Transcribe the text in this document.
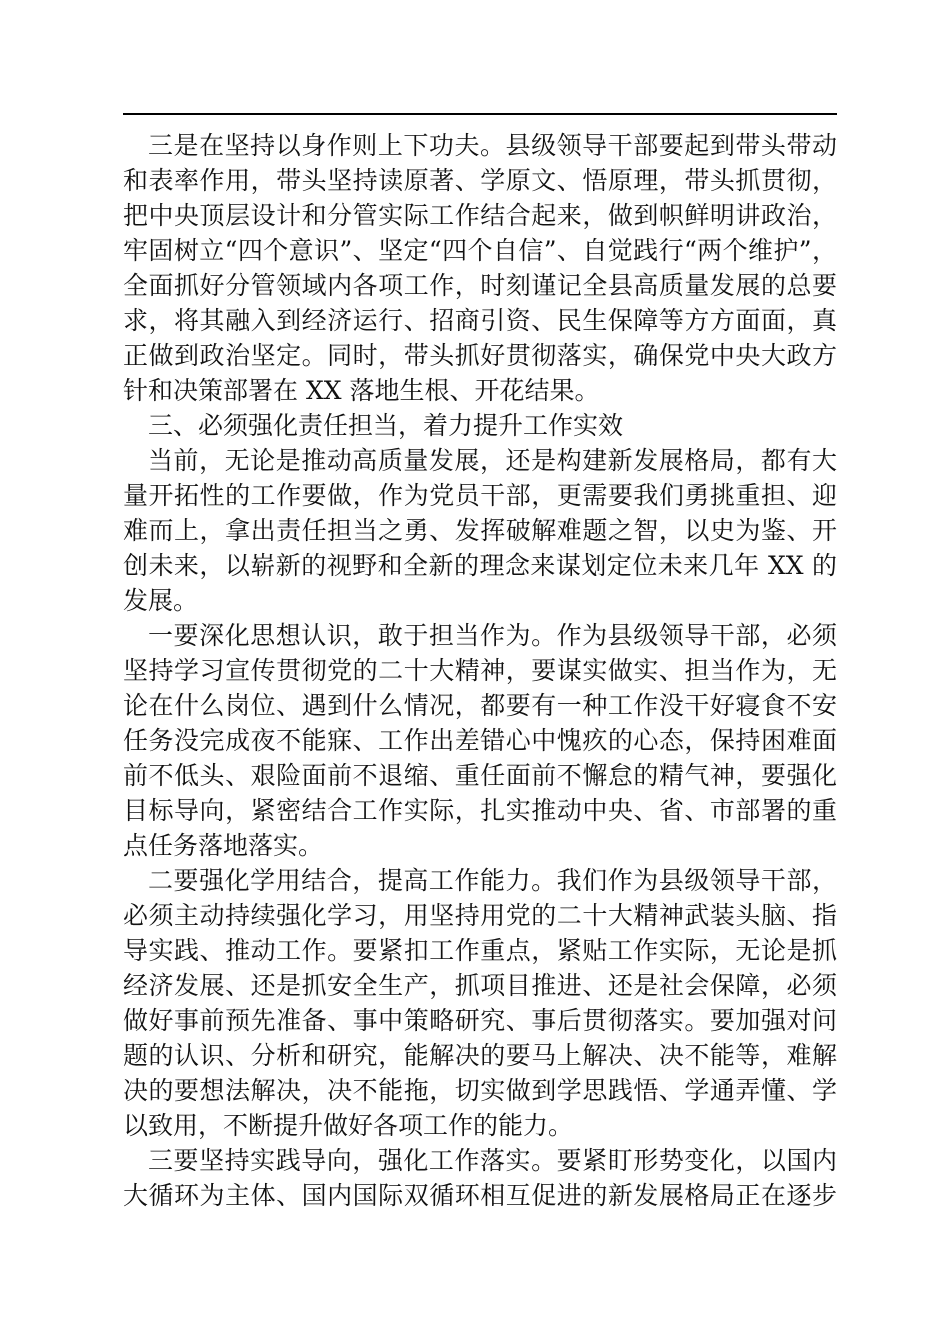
三是在坚持以身作则上下功夫。县级领导干部要起到带头带动
和表率作用，带头坚持读原著、学原文、悟原理，带头抓贯彻，
把中央顶层设计和分管实际工作结合起来，做到帜鲜明讲政治，
牢固树立“四个意识”、坚定“四个自信”、自觉践行“两个维护”，
全面抓好分管领域内各项工作，时刻谨记全县高质量发展的总要
求，将其融入到经济运行、招商引资、民生保障等方方面面，真
正做到政治坚定。同时，带头抓好贯彻落实，确保党中央大政方
针和决策部署在 XX 落地生根、开花结果。
三、必须强化责任担当，着力提升工作实效
当前，无论是推动高质量发展，还是构建新发展格局，都有大
量开拓性的工作要做，作为党员干部，更需要我们勇挑重担、迎
难而上，拿出责任担当之勇、发挥破解难题之智，以史为鉴、开
创未来，以崭新的视野和全新的理念来谋划定位未来几年 XX 的
发展。
一要深化思想认识，敢于担当作为。作为县级领导干部，必须
坚持学习宣传贯彻党的二十大精神，要谋实做实、担当作为，无
论在什么岗位、遇到什么情况，都要有一种工作没干好寝食不安
任务没完成夜不能寐、工作出差错心中愧疚的心态，保持困难面
前不低头、艰险面前不退缩、重任面前不懈怠的精气神，要强化
目标导向，紧密结合工作实际，扎实推动中央、省、市部署的重
点任务落地落实。
二要强化学用结合，提高工作能力。我们作为县级领导干部，
必须主动持续强化学习，用坚持用党的二十大精神武装头脑、指
导实践、推动工作。要紧扣工作重点，紧贴工作实际，无论是抓
经济发展、还是抓安全生产，抓项目推进、还是社会保障，必须
做好事前预先准备、事中策略研究、事后贯彻落实。要加强对问
题的认识、分析和研究，能解决的要马上解决、决不能等，难解
决的要想法解决，决不能拖，切实做到学思践悟、学通弄懂、学
以致用，不断提升做好各项工作的能力。
三要坚持实践导向，强化工作落实。要紧盯形势变化，以国内
大循环为主体、国内国际双循环相互促进的新发展格局正在逐步
